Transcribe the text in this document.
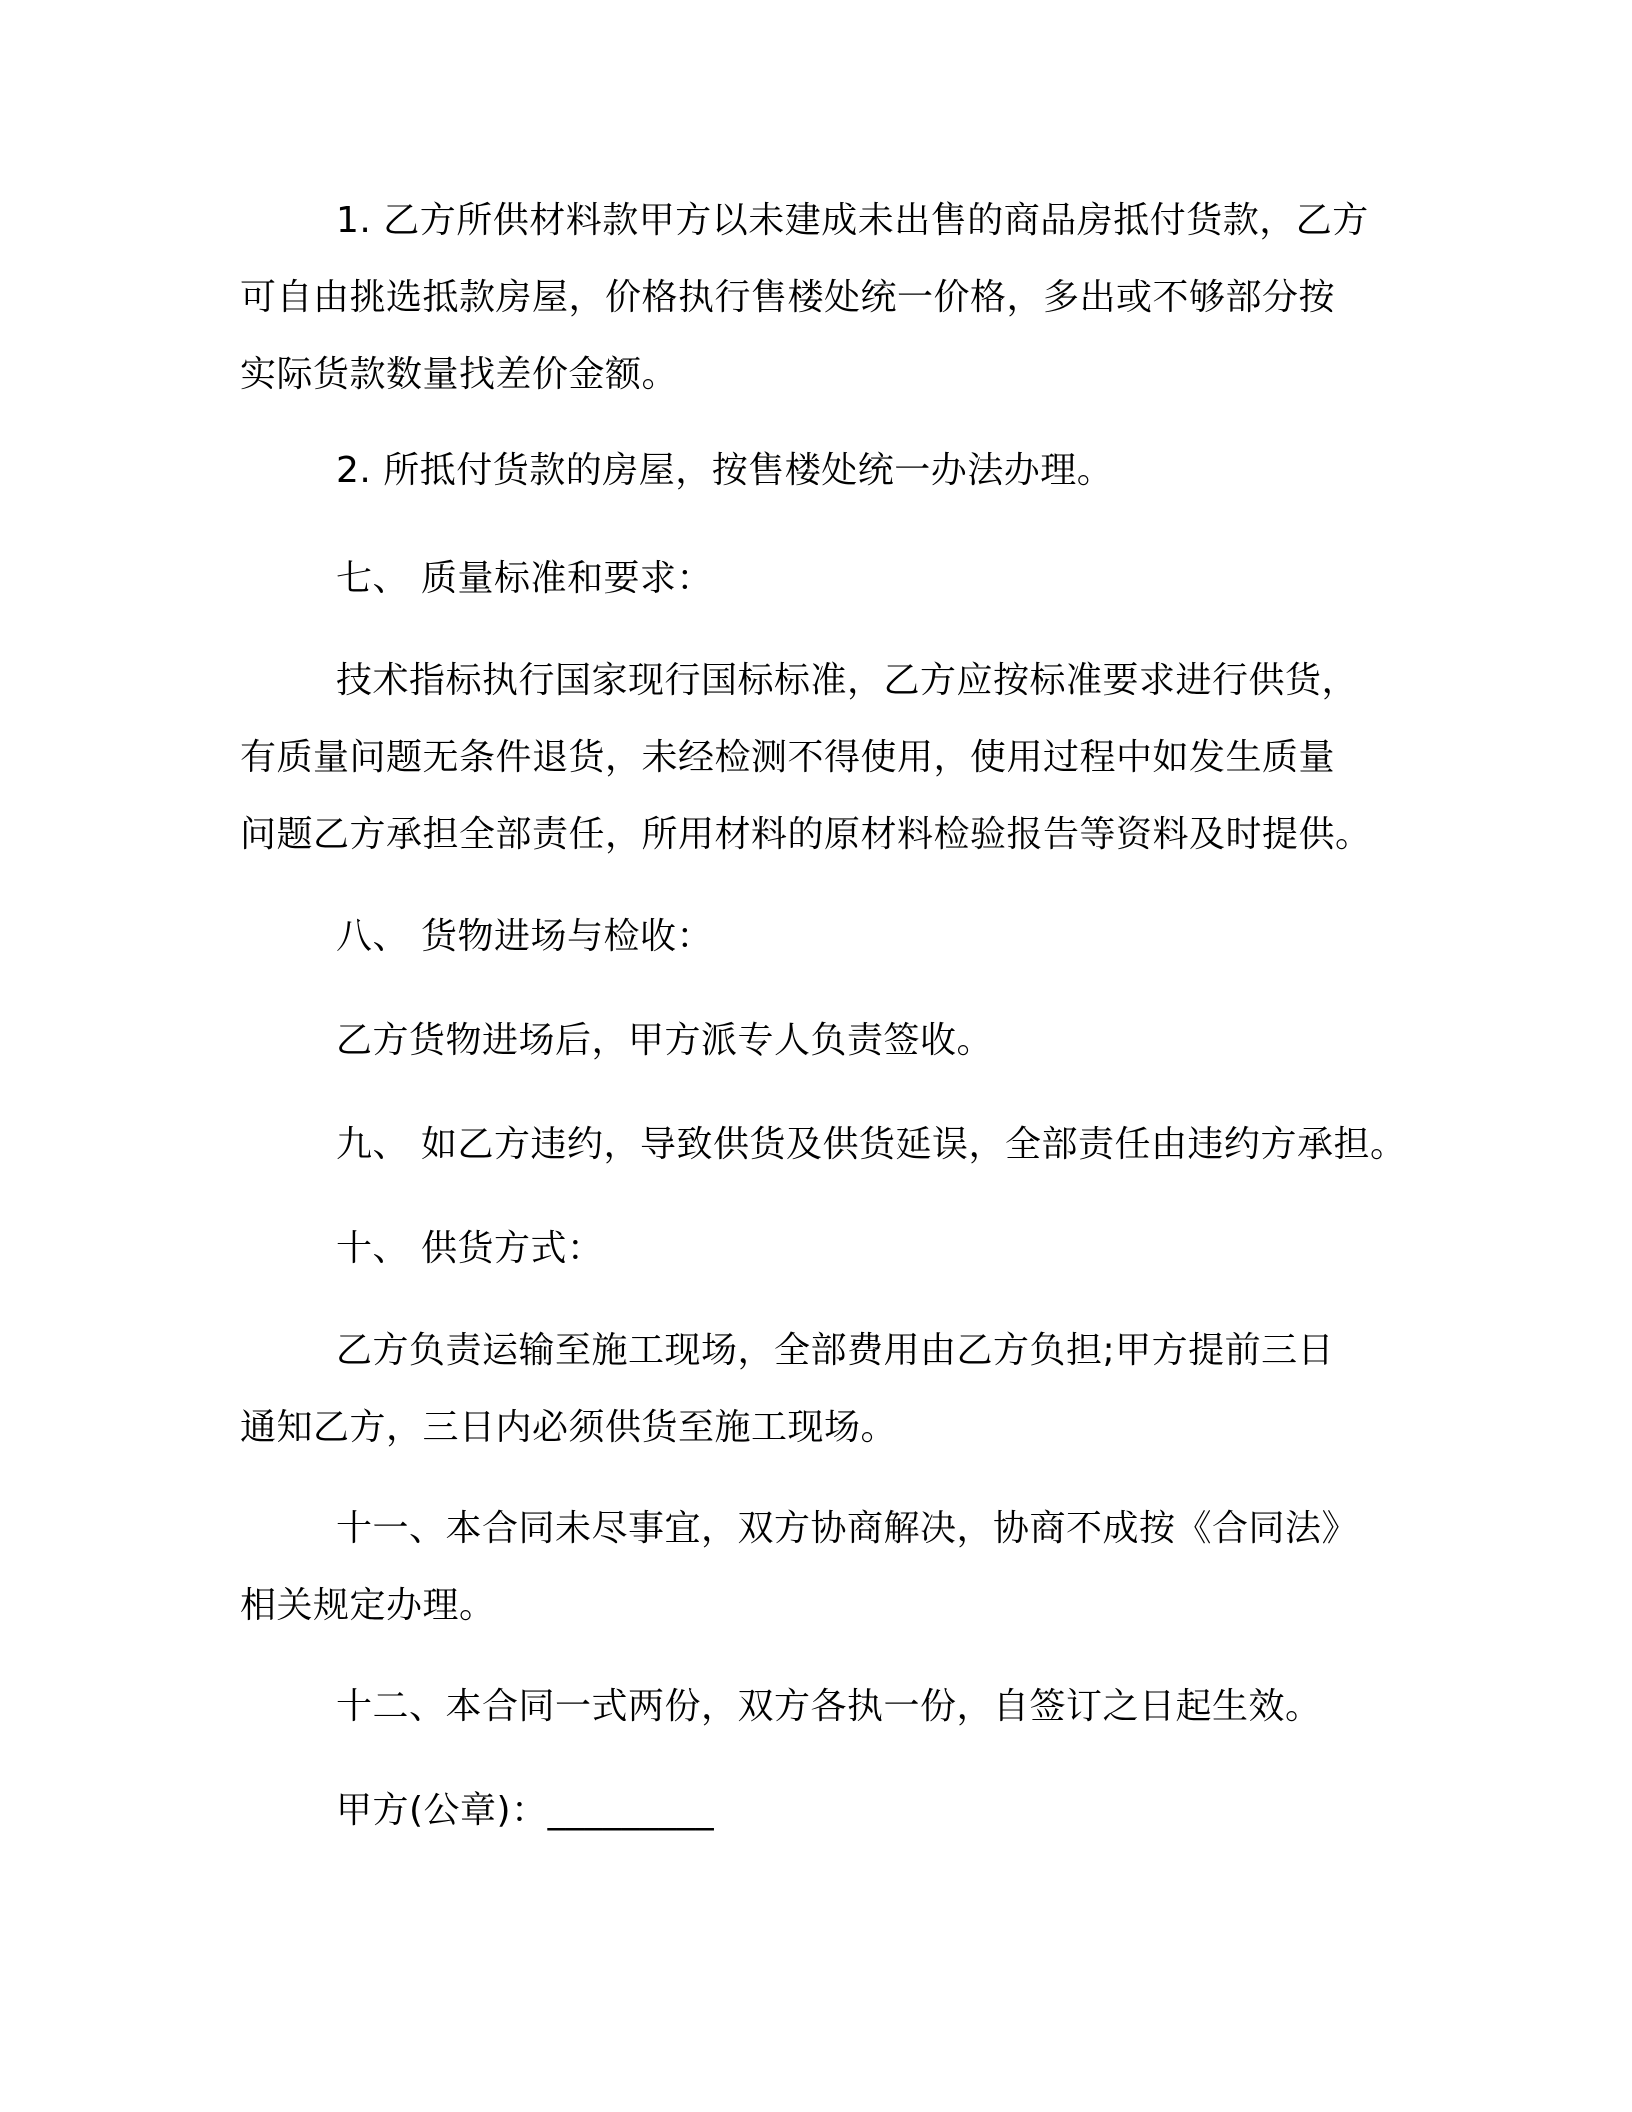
1. 乙方所供材料款甲方以未建成未出售的商品房抵付货款，乙方
可自由挑选抵款房屋，价格执行售楼处统一价格，多出或不够部分按
实际货款数量找差价金额。
2. 所抵付货款的房屋，按售楼处统一办法办理。
七、 质量标准和要求：
技术指标执行国家现行国标标准，乙方应按标准要求进行供货，
有质量问题无条件退货，未经检测不得使用，使用过程中如发生质量
问题乙方承担全部责任，所用材料的原材料检验报告等资料及时提供。
八、 货物进场与检收：
乙方货物进场后，甲方派专人负责签收。
九、 如乙方违约，导致供货及供货延误，全部责任由违约方承担。
十、 供货方式：
乙方负责运输至施工现场，全部费用由乙方负担;甲方提前三日
通知乙方，三日内必须供货至施工现场。
十一、本合同未尽事宜，双方协商解决，协商不成按《合同法》
相关规定办理。
十二、本合同一式两份，双方各执一份，自签订之日起生效。
甲方(公章)：_________
